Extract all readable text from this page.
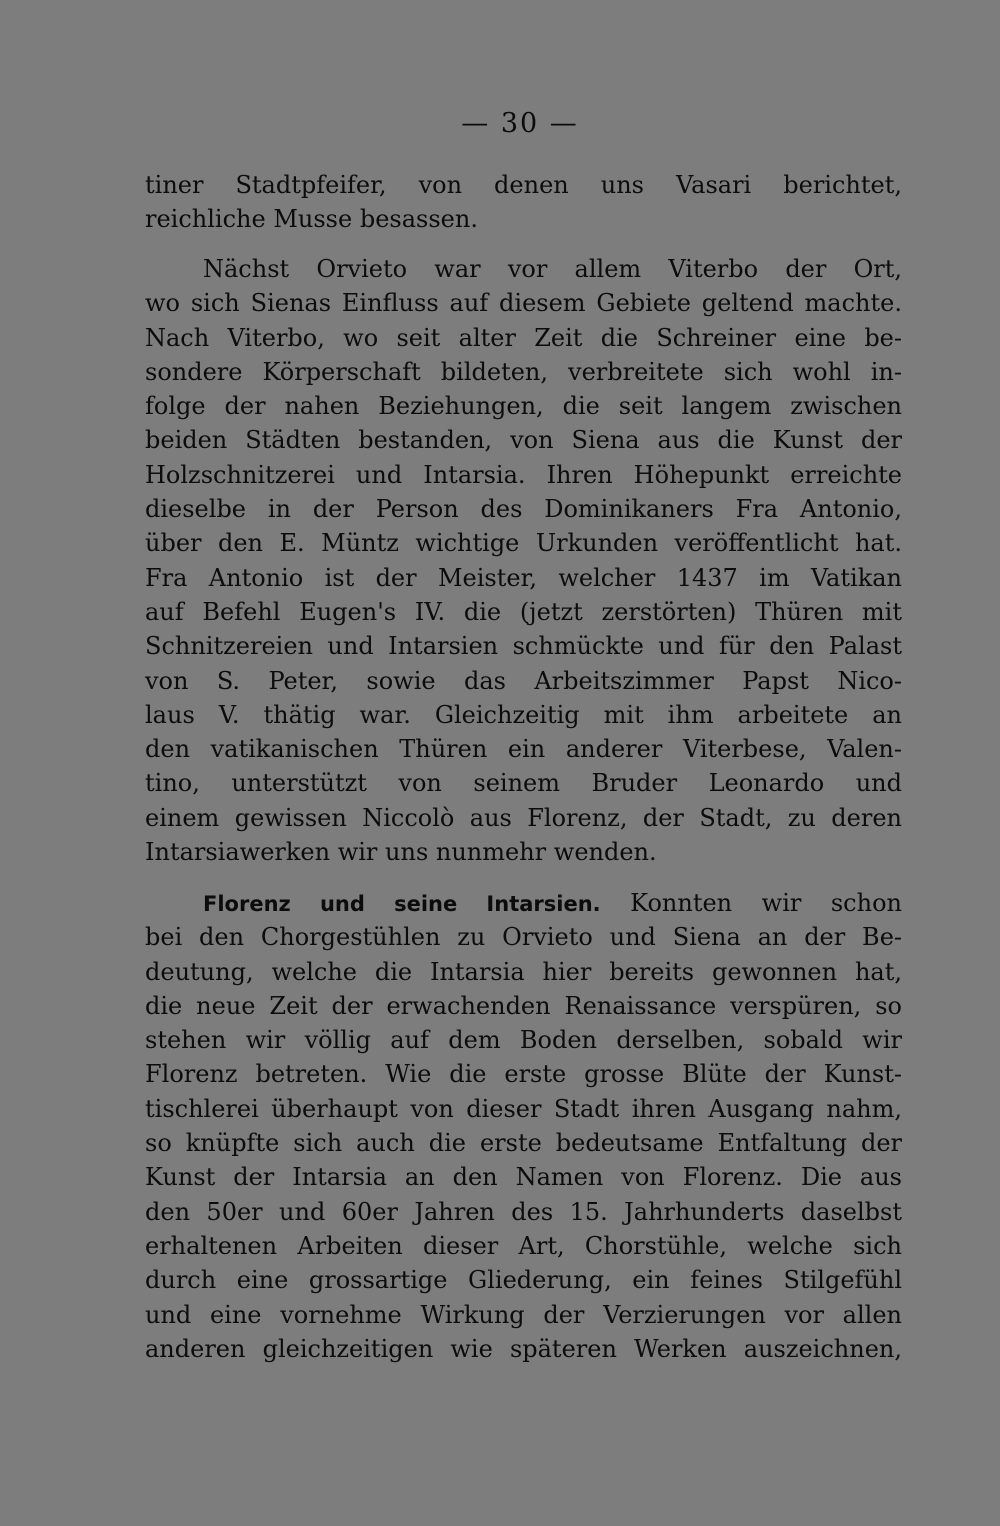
— 30 —
tiner Stadtpfeifer, von denen uns Vasari berichtet,
reichliche Musse besassen.
Nächst Orvieto war vor allem Viterbo der Ort,
wo sich Sienas Einfluss auf diesem Gebiete geltend machte.
Nach Viterbo, wo seit alter Zeit die Schreiner eine be-
sondere Körperschaft bildeten, verbreitete sich wohl in-
folge der nahen Beziehungen, die seit langem zwischen
beiden Städten bestanden, von Siena aus die Kunst der
Holzschnitzerei und Intarsia. Ihren Höhepunkt erreichte
dieselbe in der Person des Dominikaners Fra Antonio,
über den E. Müntz wichtige Urkunden veröffentlicht hat.
Fra Antonio ist der Meister, welcher 1437 im Vatikan
auf Befehl Eugen's IV. die (jetzt zerstörten) Thüren mit
Schnitzereien und Intarsien schmückte und für den Palast
von S. Peter, sowie das Arbeitszimmer Papst Nico-
laus V. thätig war. Gleichzeitig mit ihm arbeitete an
den vatikanischen Thüren ein anderer Viterbese, Valen-
tino, unterstützt von seinem Bruder Leonardo und
einem gewissen Niccolò aus Florenz, der Stadt, zu deren
Intarsiawerken wir uns nunmehr wenden.
Florenz und seine Intarsien. Konnten wir schon
bei den Chorgestühlen zu Orvieto und Siena an der Be-
deutung, welche die Intarsia hier bereits gewonnen hat,
die neue Zeit der erwachenden Renaissance verspüren, so
stehen wir völlig auf dem Boden derselben, sobald wir
Florenz betreten. Wie die erste grosse Blüte der Kunst-
tischlerei überhaupt von dieser Stadt ihren Ausgang nahm,
so knüpfte sich auch die erste bedeutsame Entfaltung der
Kunst der Intarsia an den Namen von Florenz. Die aus
den 50er und 60er Jahren des 15. Jahrhunderts daselbst
erhaltenen Arbeiten dieser Art, Chorstühle, welche sich
durch eine grossartige Gliederung, ein feines Stilgefühl
und eine vornehme Wirkung der Verzierungen vor allen
anderen gleichzeitigen wie späteren Werken auszeichnen,
